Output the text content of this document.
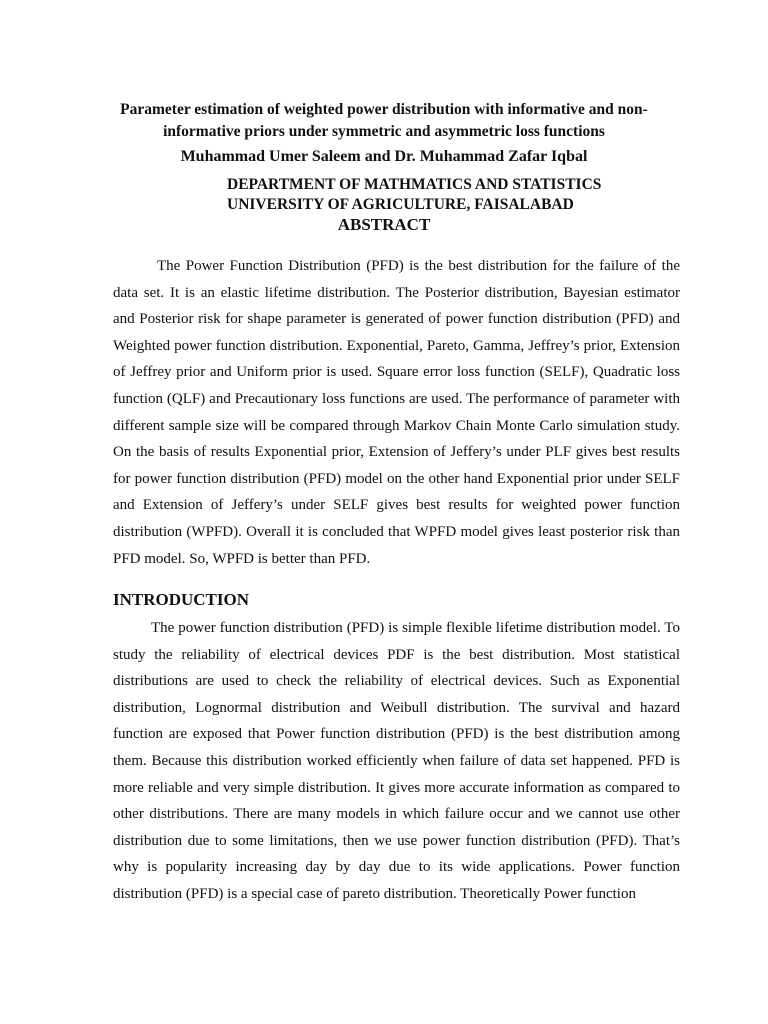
Parameter estimation of weighted power distribution with informative and non-
informative priors under symmetric and asymmetric loss functions
Muhammad Umer Saleem and Dr. Muhammad Zafar Iqbal
DEPARTMENT OF MATHMATICS AND STATISTICS
UNIVERSITY OF AGRICULTURE, FAISALABAD
ABSTRACT

The Power Function Distribution (PFD) is the best distribution for the failure of the data set. It is an elastic lifetime distribution. The Posterior distribution, Bayesian estimator and Posterior risk for shape parameter is generated of power function distribution (PFD) and Weighted power function distribution. Exponential, Pareto, Gamma, Jeffrey’s prior, Extension of Jeffrey prior and Uniform prior is used. Square error loss function (SELF), Quadratic loss function (QLF) and Precautionary loss functions are used. The performance of parameter with different sample size will be compared through Markov Chain Monte Carlo simulation study. On the basis of results Exponential prior, Extension of Jeffery’s under PLF gives best results for power function distribution (PFD) model on the other hand Exponential prior under SELF and Extension of Jeffery’s under SELF gives best results for weighted power function distribution (WPFD). Overall it is concluded that WPFD model gives least posterior risk than PFD model. So, WPFD is better than PFD.

INTRODUCTION

The power function distribution (PFD) is simple flexible lifetime distribution model. To study the reliability of electrical devices PDF is the best distribution. Most statistical distributions are used to check the reliability of electrical devices. Such as Exponential distribution, Lognormal distribution and Weibull distribution. The survival and hazard function are exposed that Power function distribution (PFD) is the best distribution among them. Because this distribution worked efficiently when failure of data set happened. PFD is more reliable and very simple distribution. It gives more accurate information as compared to other distributions. There are many models in which failure occur and we cannot use other distribution due to some limitations, then we use power function distribution (PFD). That’s why is popularity increasing day by day due to its wide applications. Power function distribution (PFD) is a special case of pareto distribution. Theoretically Power function
